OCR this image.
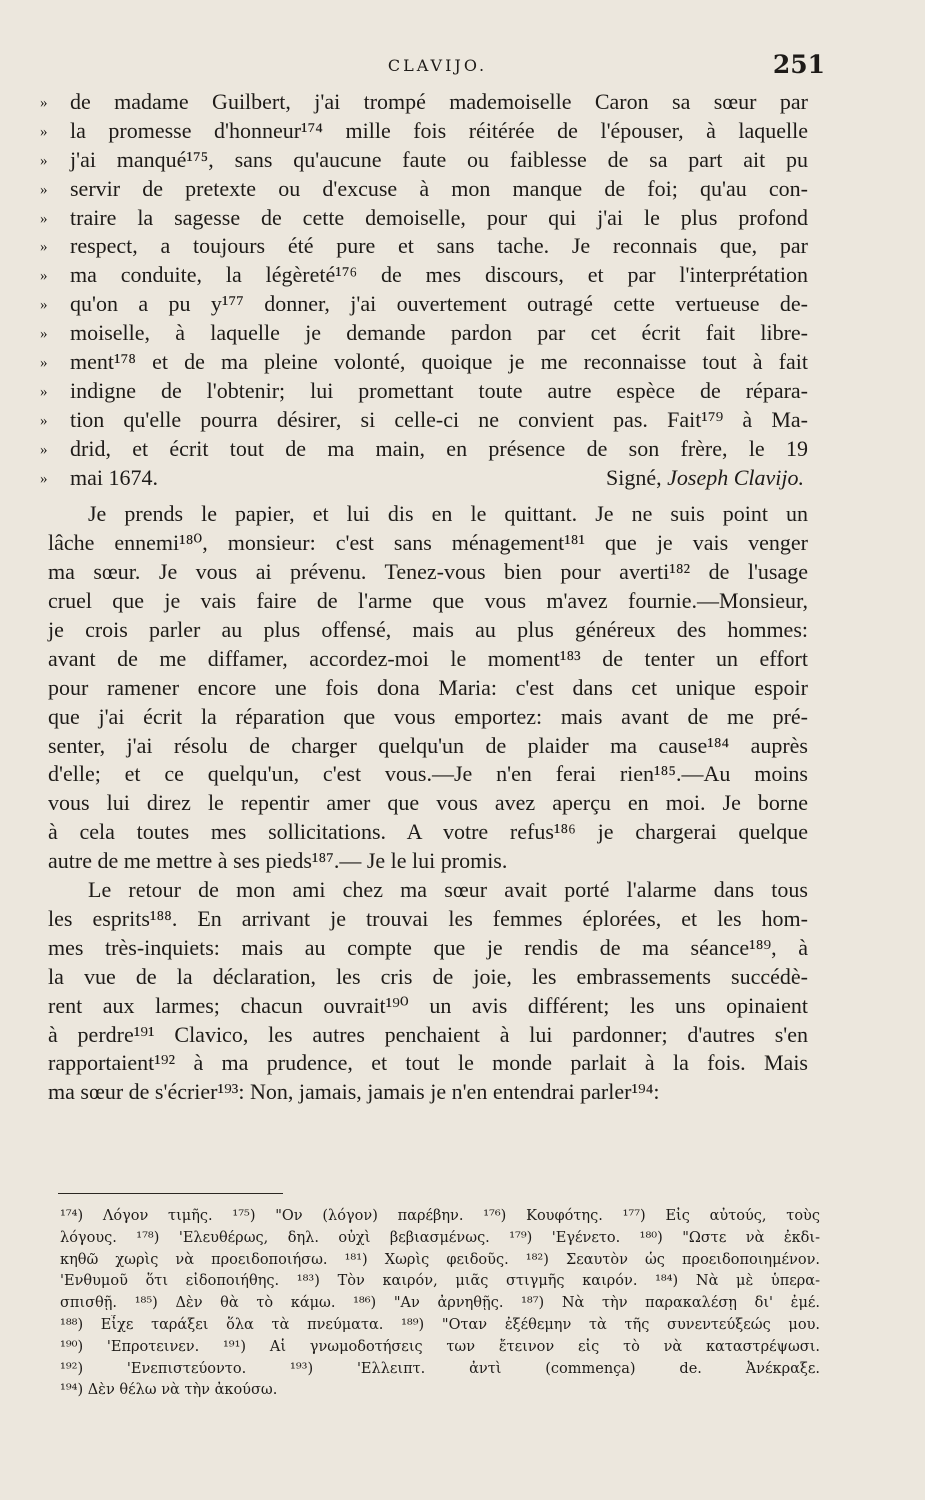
CLAVIJO.	251
»	de madame Guilbert, j'ai trompé mademoiselle Caron sa sœur par
»	la promesse d'honneur¹⁷⁴ mille fois réitérée de l'épouser, à laquelle
»	j'ai manqué¹⁷⁵, sans qu'aucune faute ou faiblesse de sa part ait pu
»	servir de pretexte ou d'excuse à mon manque de foi; qu'au con-
»	traire la sagesse de cette demoiselle, pour qui j'ai le plus profond
»	respect, a toujours été pure et sans tache. Je reconnais que, par
»	ma conduite, la légèreté¹⁷⁶ de mes discours, et par l'interprétation
»	qu'on a pu y¹⁷⁷ donner, j'ai ouvertement outragé cette vertueuse de-
»	moiselle, à laquelle je demande pardon par cet écrit fait libre-
»	ment¹⁷⁸ et de ma pleine volonté, quoique je me reconnaisse tout à fait
»	indigne de l'obtenir; lui promettant toute autre espèce de répara-
»	tion qu'elle pourra désirer, si celle-ci ne convient pas. Fait¹⁷⁹ à Ma-
»	drid, et écrit tout de ma main, en présence de son frère, le 19
» mai 1674.	Signé, Joseph Clavijo.
Je prends le papier, et lui dis en le quittant. Je ne suis point un
lâche ennemi¹⁸⁰, monsieur: c'est sans ménagement¹⁸¹ que je vais venger
ma sœur. Je vous ai prévenu. Tenez-vous bien pour averti¹⁸² de l'usage
cruel que je vais faire de l'arme que vous m'avez fournie.—Monsieur,
je crois parler au plus offensé, mais au plus généreux des hommes:
avant de me diffamer, accordez-moi le moment¹⁸³ de tenter un effort
pour ramener encore une fois dona Maria: c'est dans cet unique espoir
que j'ai écrit la réparation que vous emportez: mais avant de me pré-
senter, j'ai résolu de charger quelqu'un de plaider ma cause¹⁸⁴ auprès
d'elle; et ce quelqu'un, c'est vous.—Je n'en ferai rien¹⁸⁵.—Au moins
vous lui direz le repentir amer que vous avez aperçu en moi. Je borne
à cela toutes mes sollicitations. A votre refus¹⁸⁶ je chargerai quelque
autre de me mettre à ses pieds¹⁸⁷.— Je le lui promis.
Le retour de mon ami chez ma sœur avait porté l'alarme dans tous
les esprits¹⁸⁸. En arrivant je trouvai les femmes éplorées, et les hom-
mes très-inquiets: mais au compte que je rendis de ma séance¹⁸⁹, à
la vue de la déclaration, les cris de joie, les embrassements succédè-
rent aux larmes; chacun ouvrait¹⁹⁰ un avis différent; les uns opinaient
à perdre¹⁹¹ Clavico, les autres penchaient à lui pardonner; d'autres s'en
rapportaient¹⁹² à ma prudence, et tout le monde parlait à la fois. Mais
ma sœur de s'écrier¹⁹³: Non, jamais, jamais je n'en entendrai parler¹⁹⁴:
¹⁷⁴) Λόγον τιμῆς. ¹⁷⁵) "Ον (λόγον) παρέβην. ¹⁷⁶) Κουφότης. ¹⁷⁷) Εἰς αὐτούς, τοὺς
λόγους. ¹⁷⁸) 'Ελευθέρως, δηλ. οὐχὶ βεβιασμένως. ¹⁷⁹) 'Εγένετο. ¹⁸⁰) "Ωστε νὰ ἐκδι-
κηθῶ χωρὶς νὰ προειδοποιήσω. ¹⁸¹) Χωρὶς φειδοῦς. ¹⁸²) Σεαυτὸν ὡς προειδοποιημένον.
'Ενθυμοῦ ὅτι εἰδοποιήθης. ¹⁸³) Τὸν καιρόν, μιᾶς στιγμῆς καιρόν. ¹⁸⁴) Νὰ μὲ ὑπερα-
σπισθῇ. ¹⁸⁵) Δὲν θὰ τὸ κάμω. ¹⁸⁶) "Αν ἀρνηθῇς. ¹⁸⁷) Νὰ τὴν παρακαλέσῃ δι' ἐμέ.
¹⁸⁸) Εἶχε ταράξει ὅλα τὰ πνεύματα. ¹⁸⁹) "Οταν ἐξέθεμην τὰ τῆς συνεντεύξεώς μου.
¹⁹⁰) 'Επροτεινεν. ¹⁹¹) Αἱ γνωμοδοτήσεις των ἔτεινον εἰς τὸ νὰ καταστρέψωσι.
¹⁹²) 'Ενεπιστεύοντο. ¹⁹³) 'Ελλειπτ. ἀντὶ (commença) de. Ἀνέκραξε.
¹⁹⁴) Δὲν θέλω νὰ τὴν ἀκούσω.
